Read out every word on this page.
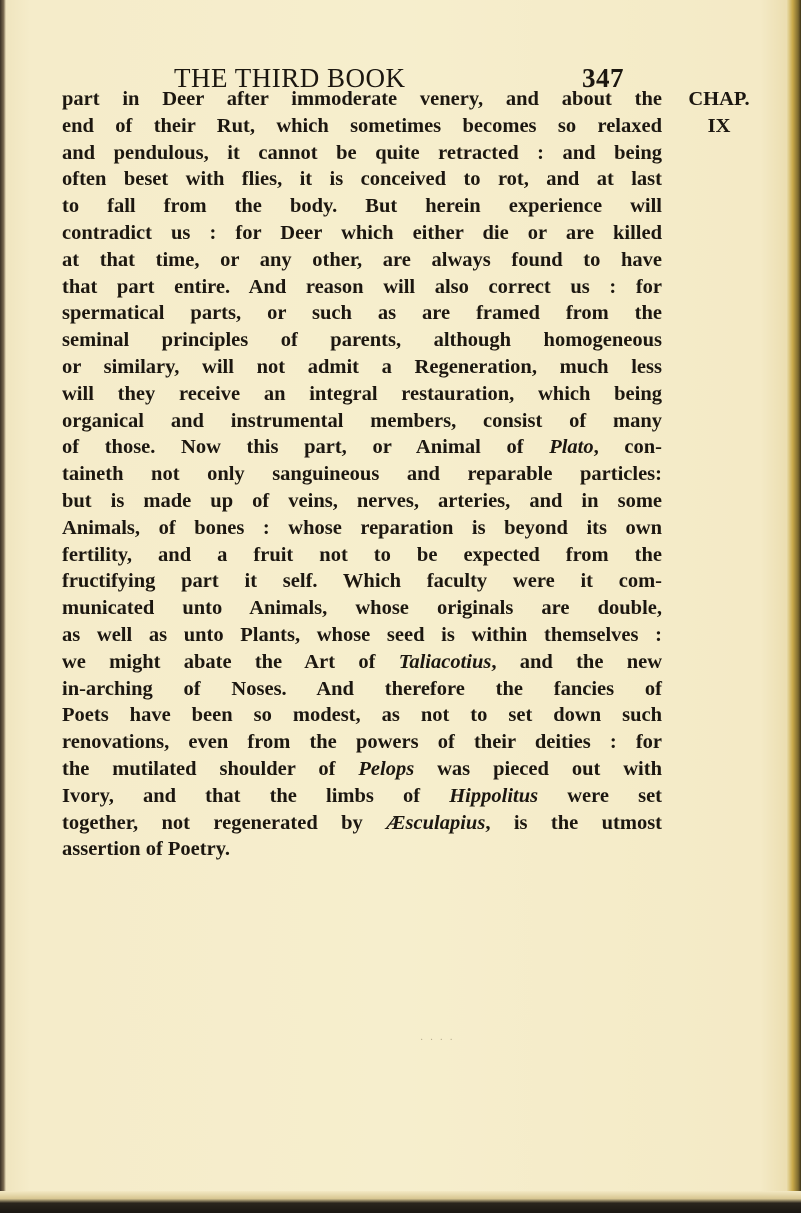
THE THIRD BOOK	347
CHAP.
IX
part in Deer after immoderate venery, and about the
end of their Rut, which sometimes becomes so relaxed
and pendulous, it cannot be quite retracted : and being
often beset with flies, it is conceived to rot, and at last
to fall from the body. But herein experience will
contradict us : for Deer which either die or are killed
at that time, or any other, are always found to have
that part entire. And reason will also correct us : for
spermatical parts, or such as are framed from the
seminal principles of parents, although homogeneous
or similary, will not admit a Regeneration, much less
will they receive an integral restauration, which being
organical and instrumental members, consist of many
of those. Now this part, or Animal of Plato, con-
taineth not only sanguineous and reparable particles:
but is made up of veins, nerves, arteries, and in some
Animals, of bones : whose reparation is beyond its own
fertility, and a fruit not to be expected from the
fructifying part it self. Which faculty were it com-
municated unto Animals, whose originals are double,
as well as unto Plants, whose seed is within themselves :
we might abate the Art of Taliacotius, and the new
in-arching of Noses. And therefore the fancies of
Poets have been so modest, as not to set down such
renovations, even from the powers of their deities : for
the mutilated shoulder of Pelops was pieced out with
Ivory, and that the limbs of Hippolitus were set
together, not regenerated by Æsculapius, is the utmost
assertion of Poetry.
· · · ·
